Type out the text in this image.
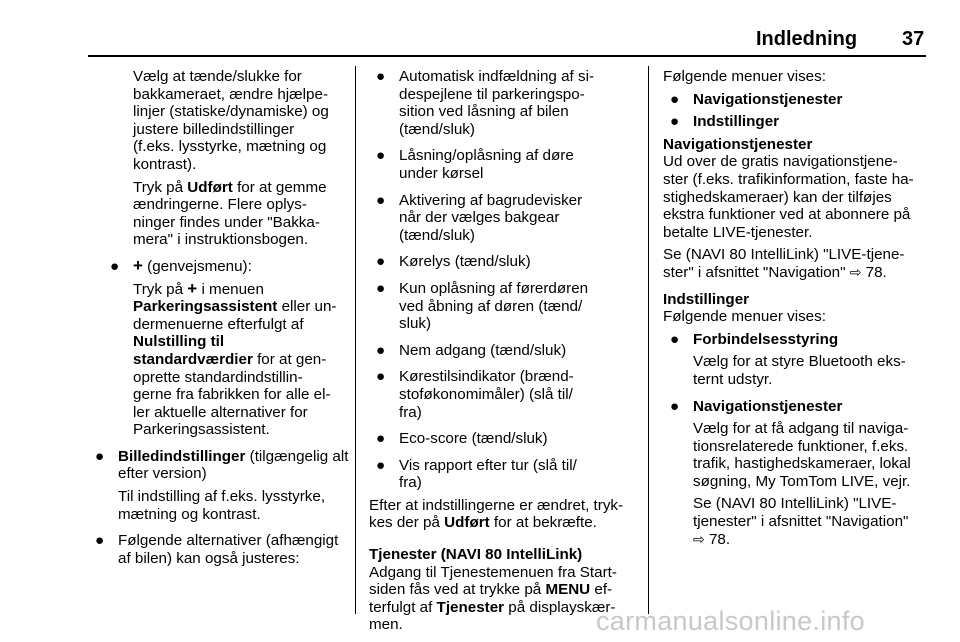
Indledning 37

Vælg at tænde/slukke for

bakkameraet, ændre hjælpe-

linjer (statiske/dynamiske) og

justere billedindstillinger

(f.eks. lysstyrke, mætning og

kontrast).

Tryk på Udført for at gemme

ændringerne. Flere oplys-

ninger findes under "Bakka-

mera" i instruktionsbogen.

● + (genvejsmenu):

Tryk på + i menuen

Parkeringsassistent eller un-

dermenuerne efterfulgt af

Nulstilling til

standardværdier for at gen-

oprette standardindstillin-

gerne fra fabrikken for alle el-

ler aktuelle alternativer for

Parkeringsassistent.

● Billedindstillinger (tilgængelig alt

efter version)

Til indstilling af f.eks. lysstyrke,

mætning og kontrast.

● Følgende alternativer (afhængigt

af bilen) kan også justeres:

● Automatisk indfældning af si-

despejlene til parkeringspo-

sition ved låsning af bilen

(tænd/sluk)

● Låsning/oplåsning af døre

under kørsel

● Aktivering af bagrudevisker

når der vælges bakgear

(tænd/sluk)

● Kørelys (tænd/sluk)

● Kun oplåsning af førerdøren

ved åbning af døren (tænd/

sluk)

● Nem adgang (tænd/sluk)

● Kørestilsindikator (brænd-

stoføkonomimåler) (slå til/

fra)

● Eco-score (tænd/sluk)

● Vis rapport efter tur (slå til/

fra)

Efter at indstillingerne er ændret, tryk-

kes der på Udført for at bekræfte.

Tjenester (NAVI 80 IntelliLink)

Adgang til Tjenestemenuen fra Start-

siden fås ved at trykke på MENU ef-

terfulgt af Tjenester på displayskær-

men.

Følgende menuer vises:

● Navigationstjenester

● Indstillinger

Navigationstjenester

Ud over de gratis navigationstjene-

ster (f.eks. trafikinformation, faste ha-

stighedskameraer) kan der tilføjes

ekstra funktioner ved at abonnere på

betalte LIVE-tjenester.

Se (NAVI 80 IntelliLink) "LIVE-tjene-

ster" i afsnittet "Navigation" ⇨ 78.

Indstillinger

Følgende menuer vises:

● Forbindelsesstyring

Vælg for at styre Bluetooth eks-

ternt udstyr.

● Navigationstjenester

Vælg for at få adgang til naviga-

tionsrelaterede funktioner, f.eks.

trafik, hastighedskameraer, lokal

søgning, My TomTom LIVE, vejr.

Se (NAVI 80 IntelliLink) "LIVE-

tjenester" i afsnittet "Navigation"

⇨ 78.

carmanualsonline.info
